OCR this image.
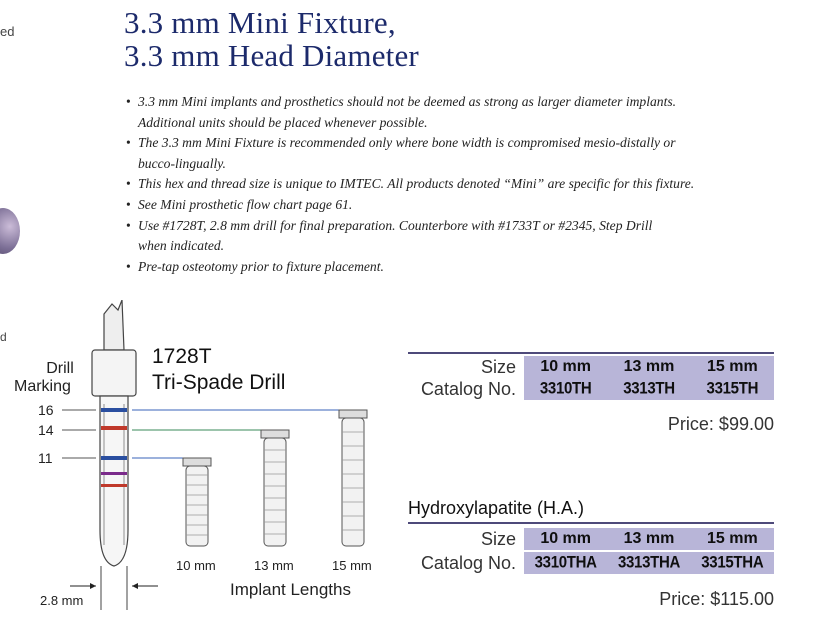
ed
d
3.3 mm Mini Fixture,
3.3 mm Head Diameter
• 3.3 mm Mini implants and prosthetics should not be deemed as strong as larger diameter implants.
Additional units should be placed whenever possible.
• The 3.3 mm Mini Fixture is recommended only where bone width is compromised mesio-distally or
bucco-lingually.
• This hex and thread size is unique to IMTEC. All products denoted “Mini” are specific for this fixture.
• See Mini prosthetic flow chart page 61.
• Use #1728T, 2.8 mm drill for final preparation. Counterbore with #1733T or #2345, Step Drill
when indicated.
• Pre-tap osteotomy prior to fixture placement.
1728T
Tri-Spade Drill
Drill
Marking
16
14
11
10 mm	13 mm	15 mm
Implant Lengths
2.8 mm
Size	10 mm	13 mm	15 mm
Catalog No.	3310TH	3313TH	3315TH
Price: $99.00
Hydroxylapatite (H.A.)
Size	10 mm	13 mm	15 mm
Catalog No.	3310THA	3313THA	3315THA
Price: $115.00
